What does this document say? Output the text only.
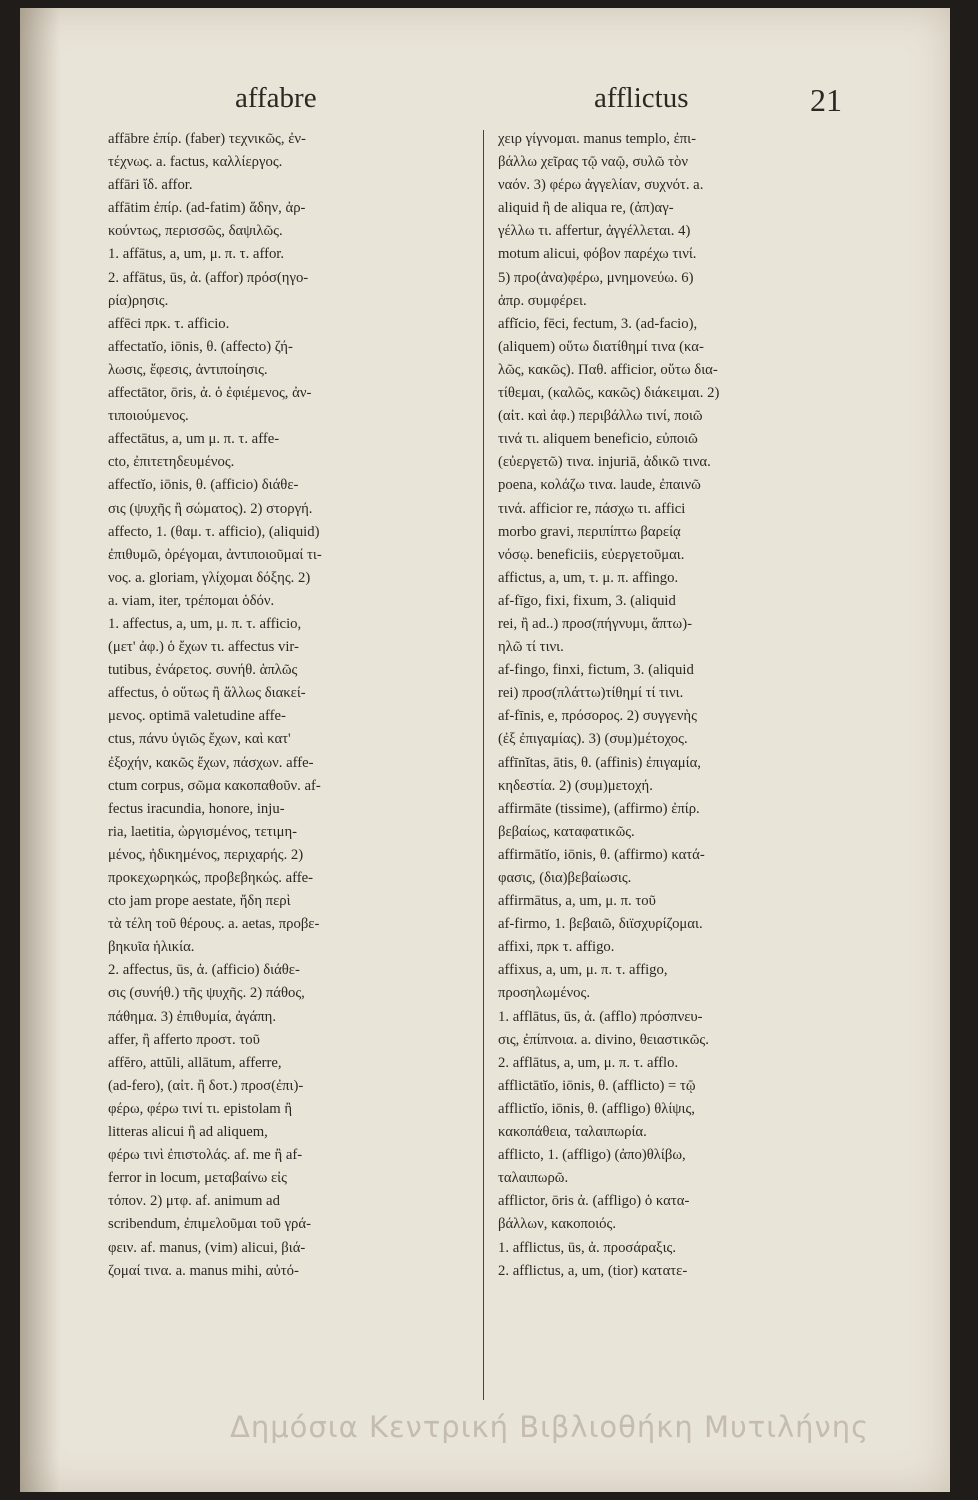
affabre	afflictus	21
affābre ἐπίρ. (faber) τεχνικῶς, ἐν-
τέχνως. a. factus, καλλίεργος.
affāri ἴδ. affor.
affātim ἐπίρ. (ad-fatim) ἅδην, ἀρ-
κούντως, περισσῶς, δαψιλῶς.
1. affātus, a, um, μ. π. τ. affor.
2. affātus, ūs, ἀ. (affor) πρόσ(ηγο-
ρία)ρησις.
affēci πρκ. τ. afficio.
affectatĭo, iōnis, θ. (affecto) ζή-
λωσις, ἔφεσις, ἀντιποίησις.
affectātor, ōris, ἀ. ὁ ἐφιέμενος, ἀν-
τιποιούμενος.
affectātus, a, um μ. π. τ. affe-
cto, ἐπιτετηδευμένος.
affectĭo, iōnis, θ. (afficio) διάθε-
σις (ψυχῆς ἢ σώματος). 2) στοργή.
affecto, 1. (θαμ. τ. afficio), (aliquid)
ἐπιθυμῶ, ὀρέγομαι, ἀντιποιοῦμαί τι-
νος. a. gloriam, γλίχομαι δόξης. 2)
a. viam, iter, τρέπομαι ὁδόν.
1. affectus, a, um, μ. π. τ. afficio,
(μετ' ἀφ.) ὁ ἔχων τι. affectus vir-
tutibus, ἐνάρετος. συνήθ. ἁπλῶς
affectus, ὁ οὕτως ἢ ἄλλως διακεί-
μενος. optimā valetudine affe-
ctus, πάνυ ὑγιῶς ἔχων, καὶ κατ'
ἐξοχήν, κακῶς ἔχων, πάσχων. affe-
ctum corpus, σῶμα κακοπαθοῦν. af-
fectus iracundia, honore, inju-
ria, laetitia, ὠργισμένος, τετιμη-
μένος, ἠδικημένος, περιχαρής. 2)
προκεχωρηκώς, προβεβηκώς. affe-
cto jam prope aestate, ἤδη περὶ
τὰ τέλη τοῦ θέρους. a. aetas, προβε-
βηκυῖα ἡλικία.
2. affectus, ūs, ἀ. (afficio) διάθε-
σις (συνήθ.) τῆς ψυχῆς. 2) πάθος,
πάθημα. 3) ἐπιθυμία, ἀγάπη.
affer, ἢ afferto προστ. τοῦ
affĕro, attŭli, allātum, afferre,
(ad-fero), (αἰτ. ἢ δοτ.) προσ(ἐπι)-
φέρω, φέρω τινί τι. epistolam ἢ
litteras alicui ἢ ad aliquem,
φέρω τινὶ ἐπιστολάς. af. me ἢ af-
ferror in locum, μεταβαίνω εἰς
τόπον. 2) μτφ. af. animum ad
scribendum, ἐπιμελοῦμαι τοῦ γρά-
φειν. af. manus, (vim) alicui, βιά-
ζομαί τινα. a. manus mihi, αὐτό-
χειρ γίγνομαι. manus templo, ἐπι-
βάλλω χεῖρας τῷ ναῷ, συλῶ τὸν
ναόν. 3) φέρω ἀγγελίαν, συχνότ. a.
aliquid ἢ de aliqua re, (ἀπ)αγ-
γέλλω τι. affertur, ἀγγέλλεται. 4)
motum alicui, φόβον παρέχω τινί.
5) προ(ἀνα)φέρω, μνημονεύω. 6)
ἀπρ. συμφέρει.
affĭcio, fēci, fectum, 3. (ad-facio),
(aliquem) οὕτω διατίθημί τινα (κα-
λῶς, κακῶς). Παθ. afficior, οὕτω δια-
τίθεμαι, (καλῶς, κακῶς) διάκειμαι. 2)
(αἰτ. καὶ ἀφ.) περιβάλλω τινί, ποιῶ
τινά τι. aliquem beneficio, εὐποιῶ
(εὐεργετῶ) τινα. injuriā, ἀδικῶ τινα.
poena, κολάζω τινα. laude, ἐπαινῶ
τινά. afficior re, πάσχω τι. affici
morbo gravi, περιπίπτω βαρείᾳ
νόσῳ. beneficiis, εὐεργετοῦμαι.
affictus, a, um, τ. μ. π. affingo.
af-fīgo, fixi, fixum, 3. (aliquid
rei, ἢ ad..) προσ(πήγνυμι, ἅπτω)-
ηλῶ τί τινι.
af-fingo, finxi, fictum, 3. (aliquid
rei) προσ(πλάττω)τίθημί τί τινι.
af-fīnis, e, πρόσορος. 2) συγγενὴς
(ἐξ ἐπιγαμίας). 3) (συμ)μέτοχος.
affīnĭtas, ātis, θ. (affinis) ἐπιγαμία,
κηδεστία. 2) (συμ)μετοχή.
affirmāte (tissime), (affirmo) ἐπίρ.
βεβαίως, καταφατικῶς.
affirmātĭo, iōnis, θ. (affirmo) κατά-
φασις, (δια)βεβαίωσις.
affirmātus, a, um, μ. π. τοῦ
af-firmo, 1. βεβαιῶ, διϊσχυρίζομαι.
affixi, πρκ τ. affigo.
affixus, a, um, μ. π. τ. affigo,
προσηλωμένος.
1. afflātus, ūs, ἀ. (afflo) πρόσπνευ-
σις, ἐπίπνοια. a. divino, θειαστικῶς.
2. afflātus, a, um, μ. π. τ. afflo.
afflictātĭo, iōnis, θ. (afflicto) = τῷ
afflictĭo, iōnis, θ. (affligo) θλίψις,
κακοπάθεια, ταλαιπωρία.
afflicto, 1. (affligo) (ἀπο)θλίβω,
ταλαιπωρῶ.
afflictor, ōris ἀ. (affligo) ὁ κατα-
βάλλων, κακοποιός.
1. afflictus, ūs, ἀ. προσάραξις.
2. afflictus, a, um, (tior) κατατε-
Δημόσια Κεντρική Βιβλιοθήκη Μυτιλήνης
